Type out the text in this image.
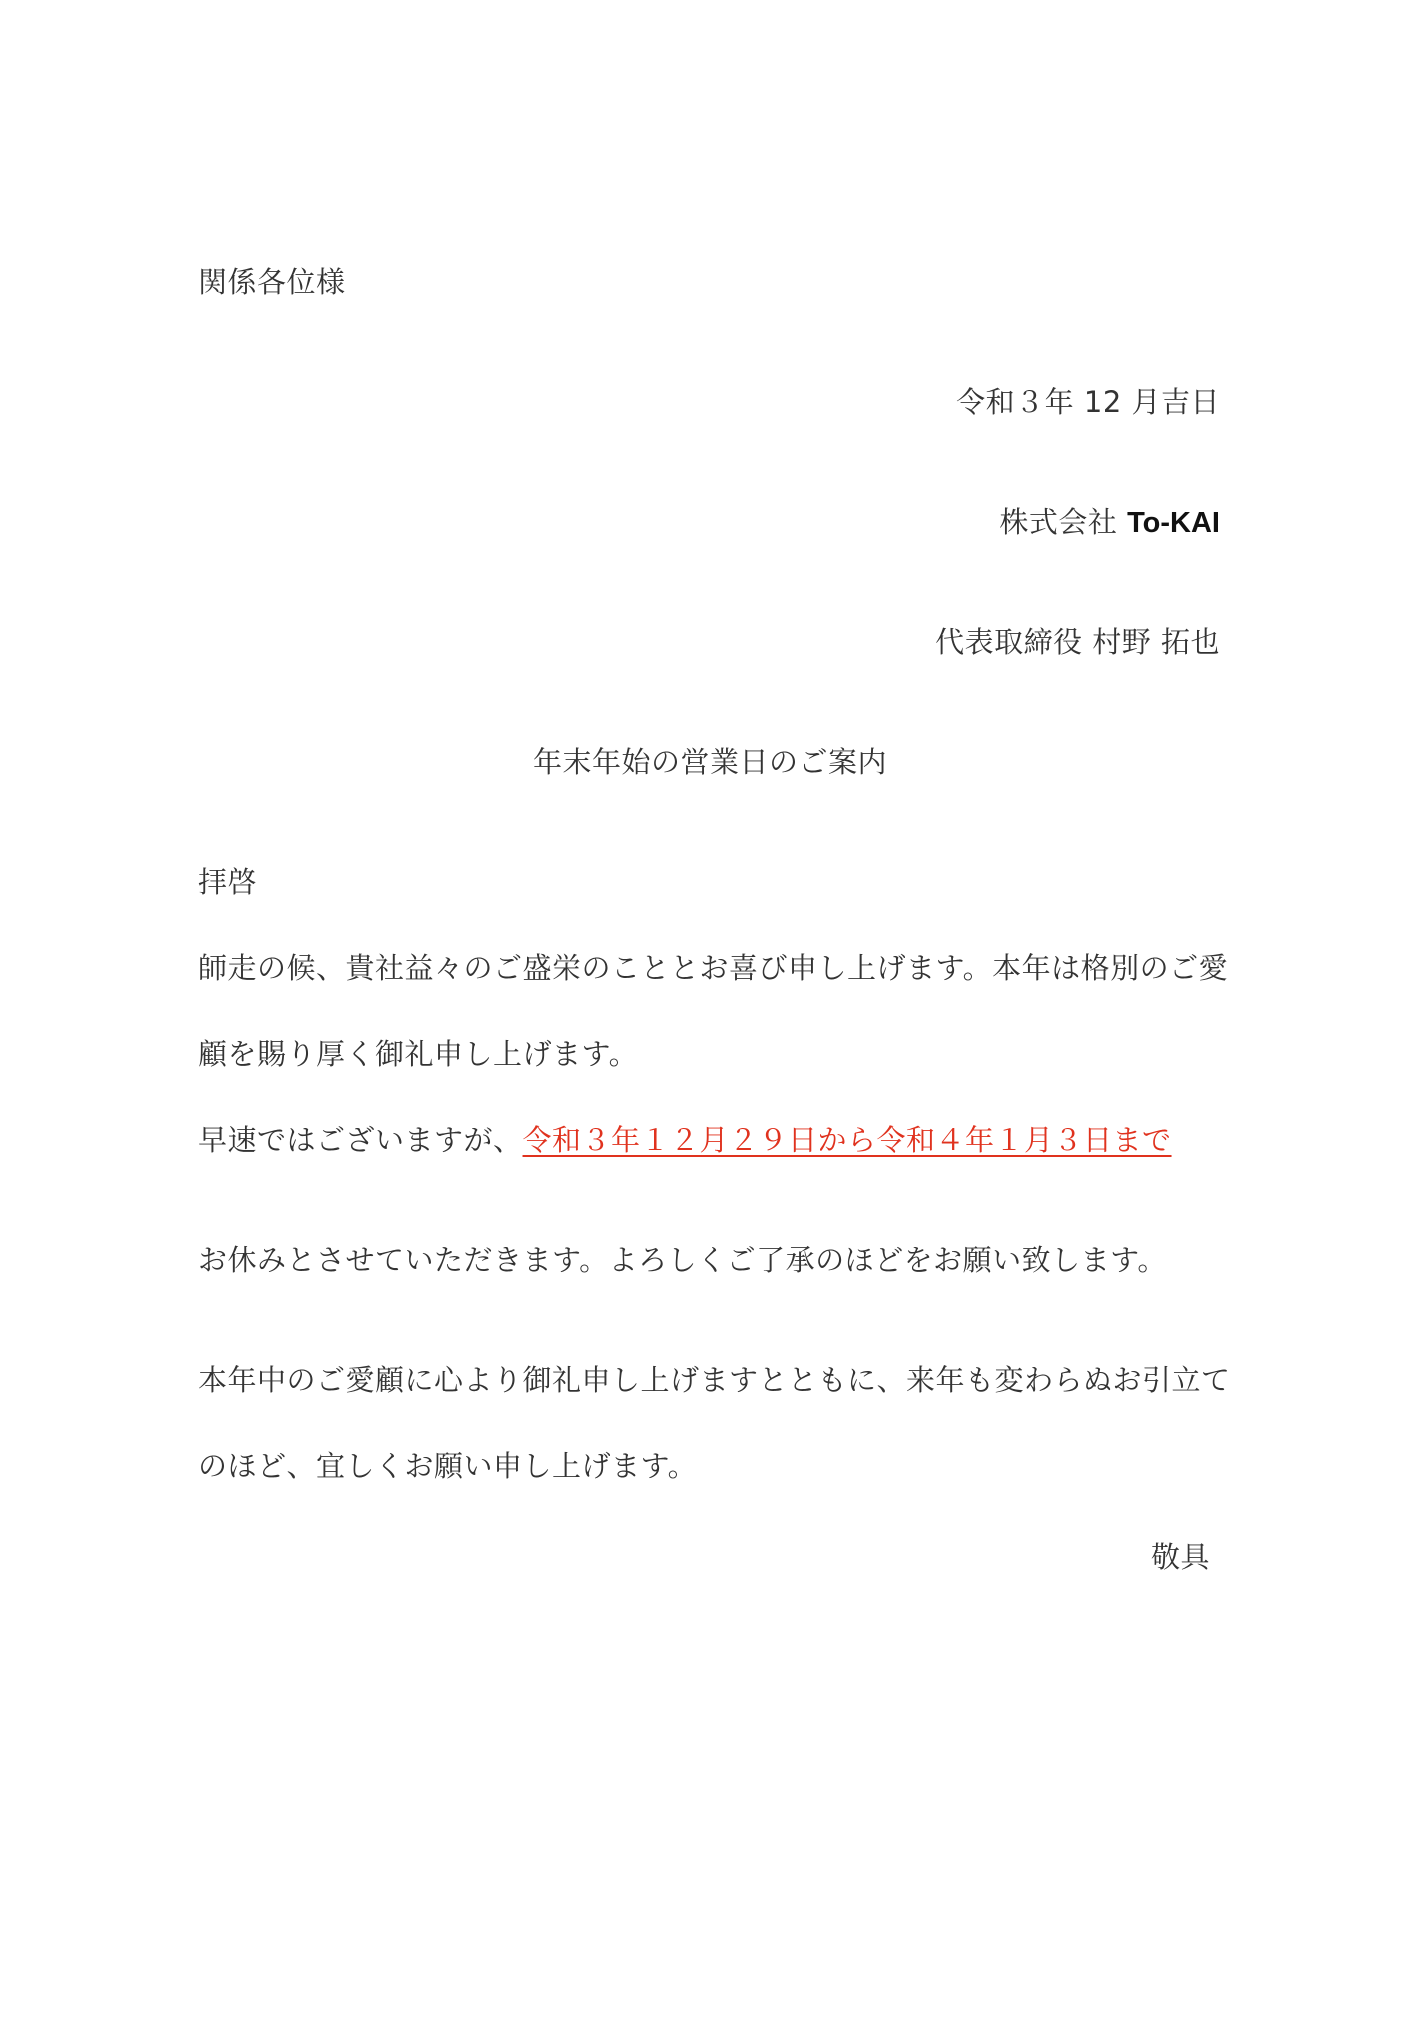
関係各位様
令和３年 12 月吉日
株式会社 To-KAI
代表取締役 村野 拓也
年末年始の営業日のご案内
拝啓
師走の候、貴社益々のご盛栄のこととお喜び申し上げます。本年は格別のご愛
顧を賜り厚く御礼申し上げます。
早速ではございますが、令和３年１２月２９日から令和４年１月３日まで
お休みとさせていただきます。よろしくご了承のほどをお願い致します。
本年中のご愛顧に心より御礼申し上げますとともに、来年も変わらぬお引立て
のほど、宜しくお願い申し上げます。
敬具
